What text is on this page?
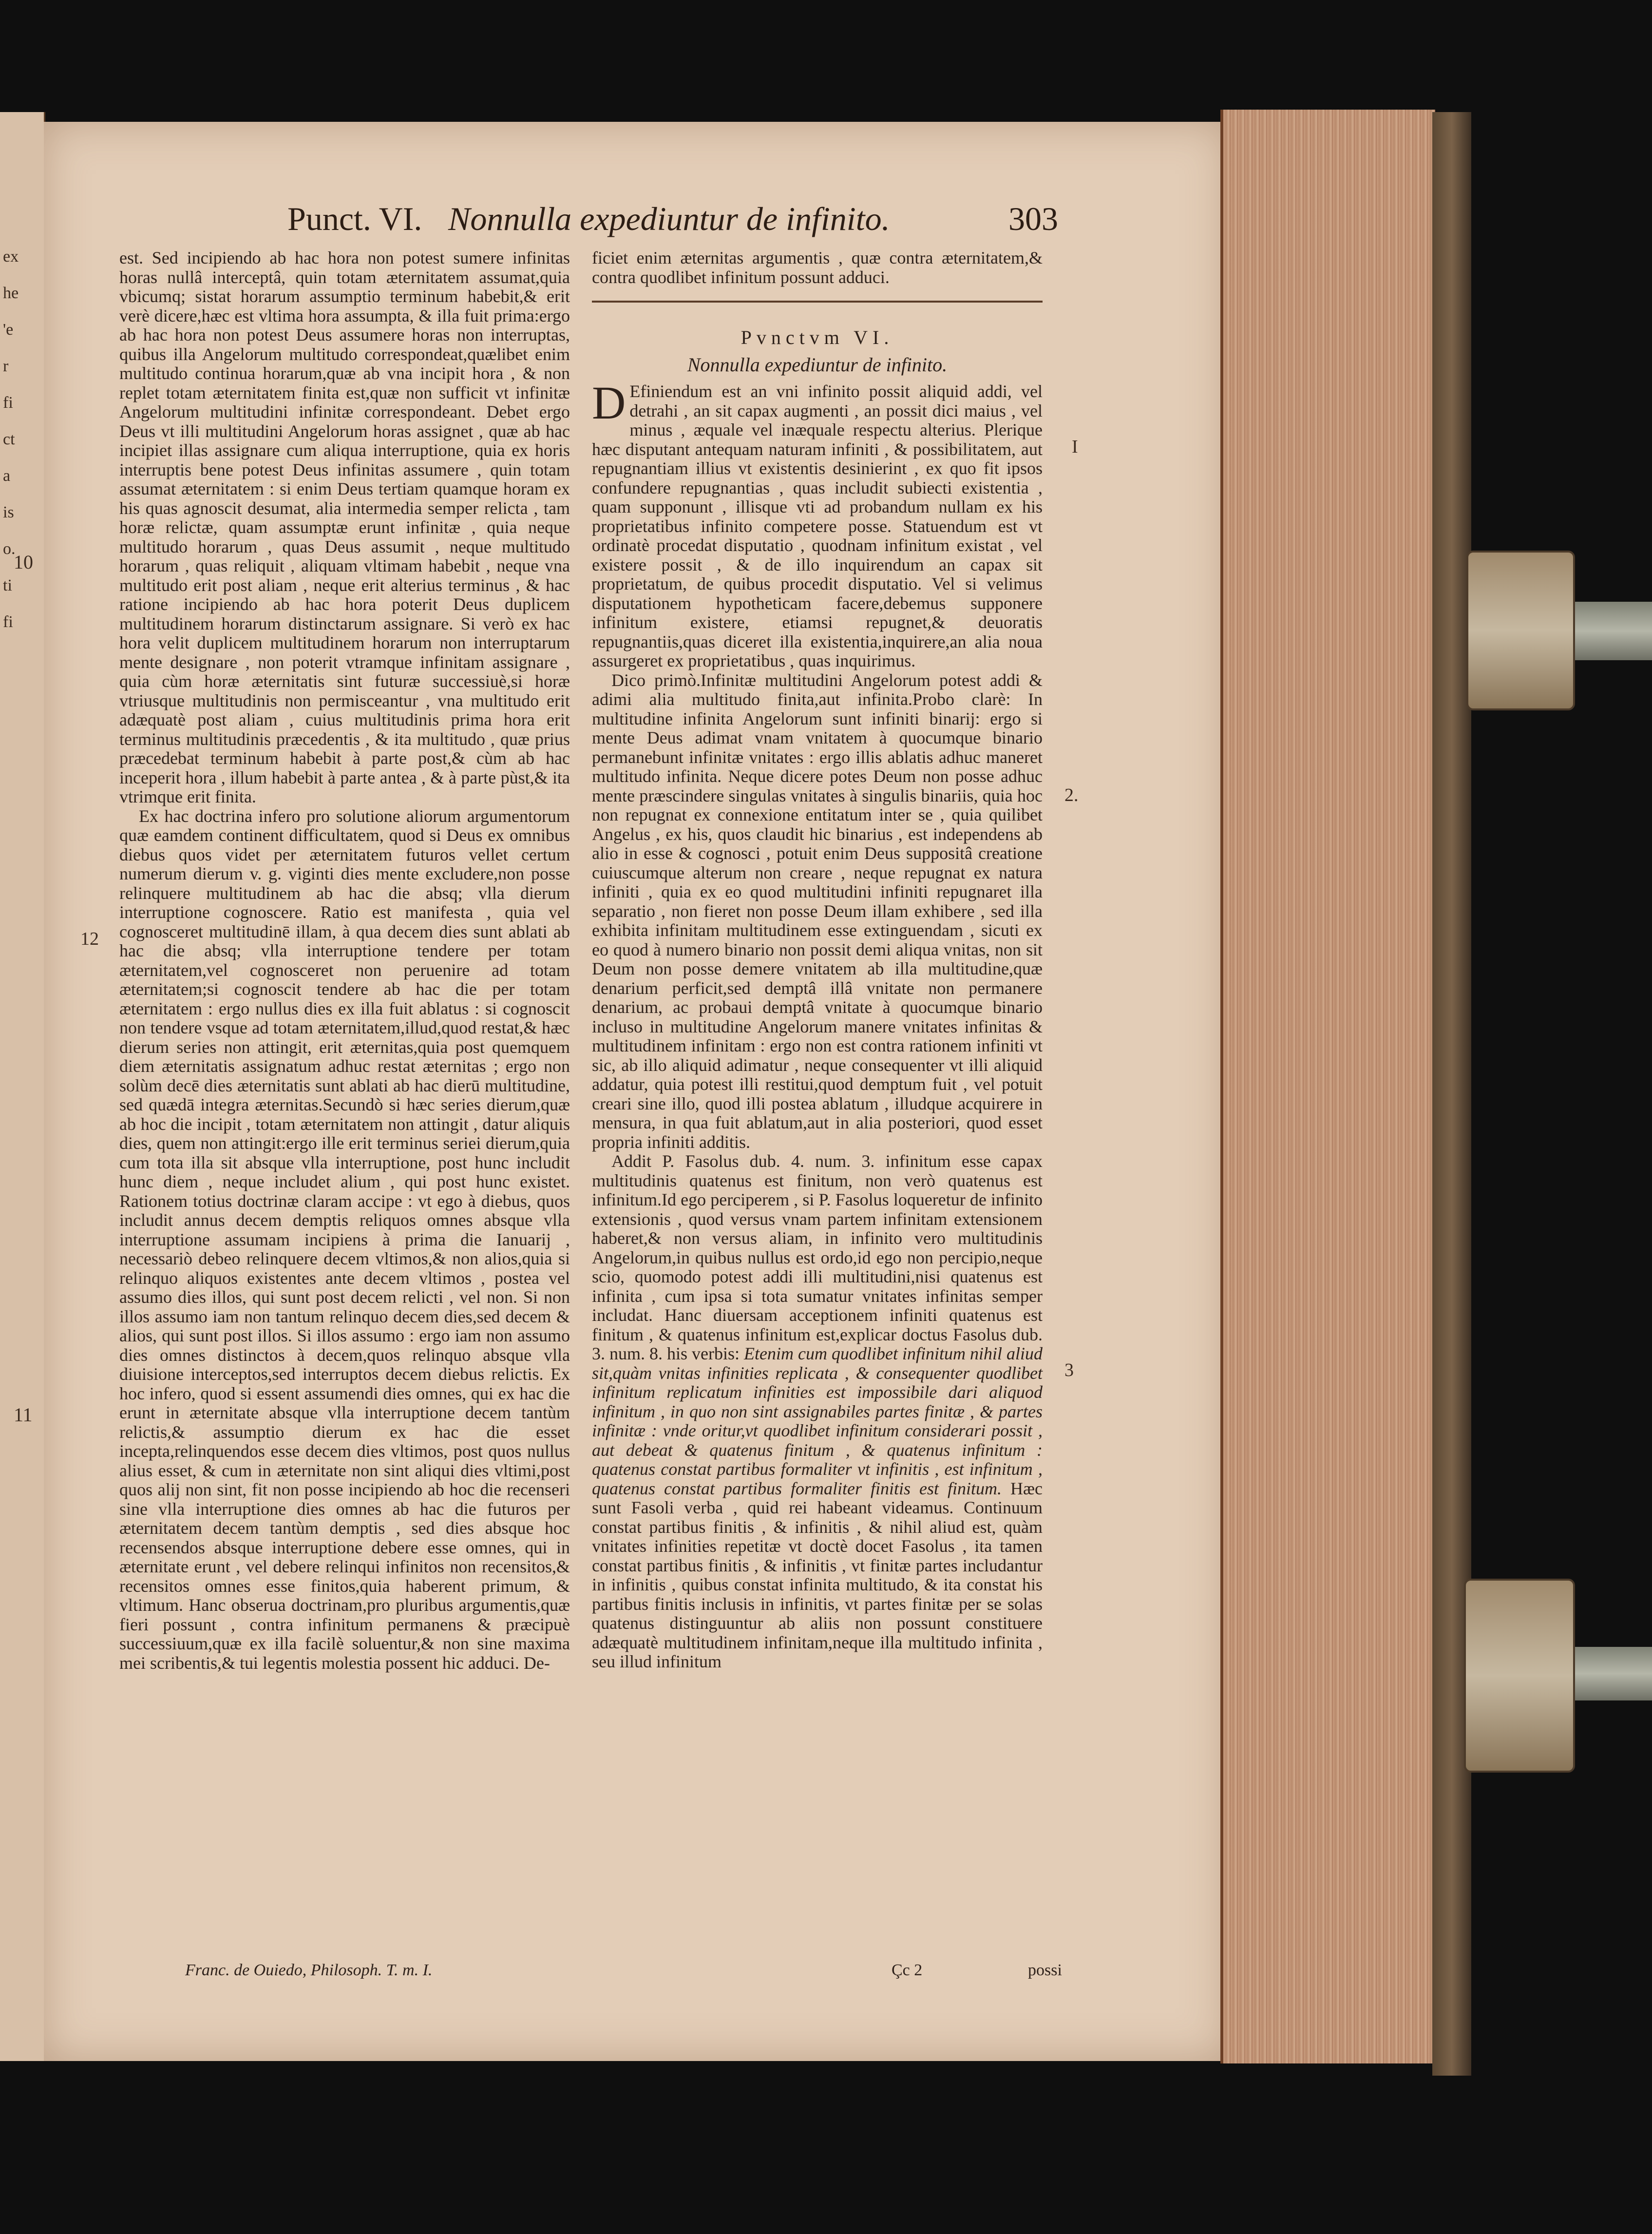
ex
he
'e
r
fi
ct
a
is
o.
ti
fi
10
11
Punct. VI. Nonnulla expediuntur de infinito.	303

est. Sed incipiendo ab hac hora non potest sumere infinitas horas nullâ interceptâ, quin totam æternitatem assumat,quia vbicumq; sistat horarum assumptio terminum habebit,& erit verè dicere,hæc est vltima hora assumpta, & illa fuit prima:ergo ab hac hora non potest Deus assumere horas non interruptas, quibus illa Angelorum multitudo correspondeat,quælibet enim multitudo continua horarum,quæ ab vna incipit hora , & non replet totam æternitatem finita est,quæ non sufficit vt infinitæ Angelorum multitudini infinitæ correspondeant. Debet ergo Deus vt illi multitudini Angelorum horas assignet , quæ ab hac incipiet illas assignare cum aliqua interruptione, quia ex horis interruptis bene potest Deus infinitas assumere , quin totam assumat æternitatem : si enim Deus tertiam quamque horam ex his quas agnoscit desumat, alia intermedia semper relicta , tam horæ relictæ, quam assumptæ erunt infinitæ , quia neque multitudo horarum , quas Deus assumit , neque multitudo horarum , quas reliquit , aliquam vltimam habebit , neque vna multitudo erit post aliam , neque erit alterius terminus , & hac ratione incipiendo ab hac hora poterit Deus duplicem multitudinem horarum distinctarum assignare. Si verò ex hac hora velit duplicem multitudinem horarum non interruptarum mente designare , non poterit vtramque infinitam assignare , quia cùm horæ æternitatis sint futuræ successiuè,si horæ vtriusque multitudinis non permisceantur , vna multitudo erit adæquatè post aliam , cuius multitudinis prima hora erit terminus multitudinis præcedentis , & ita multitudo , quæ prius præcedebat terminum habebit à parte post,& cùm ab hac inceperit hora , illum habebit à parte antea , & à parte pùst,& ita vtrimque erit finita.

Ex hac doctrina infero pro solutione aliorum argumentorum quæ eamdem continent difficultatem, quod si Deus ex omnibus diebus quos videt per æternitatem futuros vellet certum numerum dierum v. g. viginti dies mente excludere,non posse relinquere multitudinem ab hac die absq; vlla dierum interruptione cognoscere. Ratio est manifesta , quia vel cognosceret multitudinē illam, à qua decem dies sunt ablati ab hac die absq; vlla interruptione tendere per totam æternitatem,vel cognosceret non peruenire ad totam æternitatem;si cognoscit tendere ab hac die per totam æternitatem : ergo nullus dies ex illa fuit ablatus : si cognoscit non tendere vsque ad totam æternitatem,illud,quod restat,& hæc dierum series non attingit, erit æternitas,quia post quemquem diem æternitatis assignatum adhuc restat æternitas ; ergo non solùm decē dies æternitatis sunt ablati ab hac dierū multitudine, sed quædā integra æternitas.Secundò si hæc series dierum,quæ ab hoc die incipit , totam æternitatem non attingit , datur aliquis dies, quem non attingit:ergo ille erit terminus seriei dierum,quia cum tota illa sit absque vlla interruptione, post hunc includit hunc diem , neque includet alium , qui post hunc existet. Rationem totius doctrinæ claram accipe : vt ego à diebus, quos includit annus decem demptis reliquos omnes absque vlla interruptione assumam incipiens à prima die Ianuarij , necessariò debeo relinquere decem vltimos,& non alios,quia si relinquo aliquos existentes ante decem vltimos , postea vel assumo dies illos, qui sunt post decem relicti , vel non. Si non illos assumo iam non tantum relinquo decem dies,sed decem & alios, qui sunt post illos. Si illos assumo : ergo iam non assumo dies omnes distinctos à decem,quos relinquo absque vlla diuisione interceptos,sed interruptos decem diebus relictis. Ex hoc infero, quod si essent assumendi dies omnes, qui ex hac die erunt in æternitate absque vlla interruptione decem tantùm relictis,& assumptio dierum ex hac die esset incepta,relinquendos esse decem dies vltimos, post quos nullus alius esset, & cum in æternitate non sint aliqui dies vltimi,post quos alij non sint, fit non posse incipiendo ab hoc die recenseri sine vlla interruptione dies omnes ab hac die futuros per æternitatem decem tantùm demptis , sed dies absque hoc recensendos absque interruptione debere esse omnes, qui in æternitate erunt , vel debere relinqui infinitos non recensitos,& recensitos omnes esse finitos,quia haberent primum, & vltimum. Hanc obserua doctrinam,pro pluribus argumentis,quæ fieri possunt , contra infinitum permanens & præcipuè successiuum,quæ ex illa facilè soluentur,& non sine maxima mei scribentis,& tui legentis molestia possent hic adduci. De-

12

ficiet enim æternitas argumentis , quæ contra æternitatem,& contra quodlibet infinitum possunt adduci.

Pvnctvm VI.
Nonnulla expediuntur de infinito.

D Efiniendum est an vni infinito possit aliquid addi, vel detrahi , an sit capax augmenti , an possit dici maius , vel minus , æquale vel inæquale respectu alterius. Plerique hæc disputant antequam naturam infiniti , & possibilitatem, aut repugnantiam illius vt existentis desinierint , ex quo fit ipsos confundere repugnantias , quas includit subiecti existentia , quam supponunt , illisque vti ad probandum nullam ex his proprietatibus infinito competere posse. Statuendum est vt ordinatè procedat disputatio , quodnam infinitum existat , vel existere possit , & de illo inquirendum an capax sit proprietatum, de quibus procedit disputatio. Vel si velimus disputationem hypotheticam facere,debemus supponere infinitum existere, etiamsi repugnet,& deuoratis repugnantiis,quas diceret illa existentia,inquirere,an alia noua assurgeret ex proprietatibus , quas inquirimus.

Dico primò.Infinitæ multitudini Angelorum potest addi & adimi alia multitudo finita,aut infinita.Probo clarè: In multitudine infinita Angelorum sunt infiniti binarij: ergo si mente Deus adimat vnam vnitatem à quocumque binario permanebunt infinitæ vnitates : ergo illis ablatis adhuc maneret multitudo infinita. Neque dicere potes Deum non posse adhuc mente præscindere singulas vnitates à singulis binariis, quia hoc non repugnat ex connexione entitatum inter se , quia quilibet Angelus , ex his, quos claudit hic binarius , est independens ab alio in esse & cognosci , potuit enim Deus suppositâ creatione cuiuscumque alterum non creare , neque repugnat ex natura infiniti , quia ex eo quod multitudini infiniti repugnaret illa separatio , non fieret non posse Deum illam exhibere , sed illa exhibita infinitam multitudinem esse extinguendam , sicuti ex eo quod à numero binario non possit demi aliqua vnitas, non sit Deum non posse demere vnitatem ab illa multitudine,quæ denarium perficit,sed demptâ illâ vnitate non permanere denarium, ac probaui demptâ vnitate à quocumque binario incluso in multitudine Angelorum manere vnitates infinitas & multitudinem infinitam : ergo non est contra rationem infiniti vt sic, ab illo aliquid adimatur , neque consequenter vt illi aliquid addatur, quia potest illi restitui,quod demptum fuit , vel potuit creari sine illo, quod illi postea ablatum , illudque acquirere in mensura, in qua fuit ablatum,aut in alia posteriori, quod esset propria infiniti additis.

Addit P. Fasolus dub. 4. num. 3. infinitum esse capax multitudinis quatenus est finitum, non verò quatenus est infinitum.Id ego perciperem , si P. Fasolus loqueretur de infinito extensionis , quod versus vnam partem infinitam extensionem haberet,& non versus aliam, in infinito vero multitudinis Angelorum,in quibus nullus est ordo,id ego non percipio,neque scio, quomodo potest addi illi multitudini,nisi quatenus est infinita , cum ipsa si tota sumatur vnitates infinitas semper includat. Hanc diuersam acceptionem infiniti quatenus est finitum , & quatenus infinitum est,explicar doctus Fasolus dub. 3. num. 8. his verbis: Etenim cum quodlibet infinitum nihil aliud sit,quàm vnitas infinities replicata , & consequenter quodlibet infinitum replicatum infinities est impossibile dari aliquod infinitum , in quo non sint assignabiles partes finitæ , & partes infinitæ : vnde oritur,vt quodlibet infinitum considerari possit , aut debeat & quatenus finitum , & quatenus infinitum : quatenus constat partibus formaliter vt infinitis , est infinitum , quatenus constat partibus formaliter finitis est finitum. Hæc sunt Fasoli verba , quid rei habeant videamus. Continuum constat partibus finitis , & infinitis , & nihil aliud est, quàm vnitates infinities repetitæ vt doctè docet Fasolus , ita tamen constat partibus finitis , & infinitis , vt finitæ partes includantur in infinitis , quibus constat infinita multitudo, & ita constat his partibus finitis inclusis in infinitis, vt partes finitæ per se solas quatenus distinguuntur ab aliis non possunt constituere adæquatè multitudinem infinitam,neque illa multitudo infinita , seu illud infinitum

I
2.
3
Franc. de Ouiedo, Philosoph. T. m. I.	Çc 2	possi
